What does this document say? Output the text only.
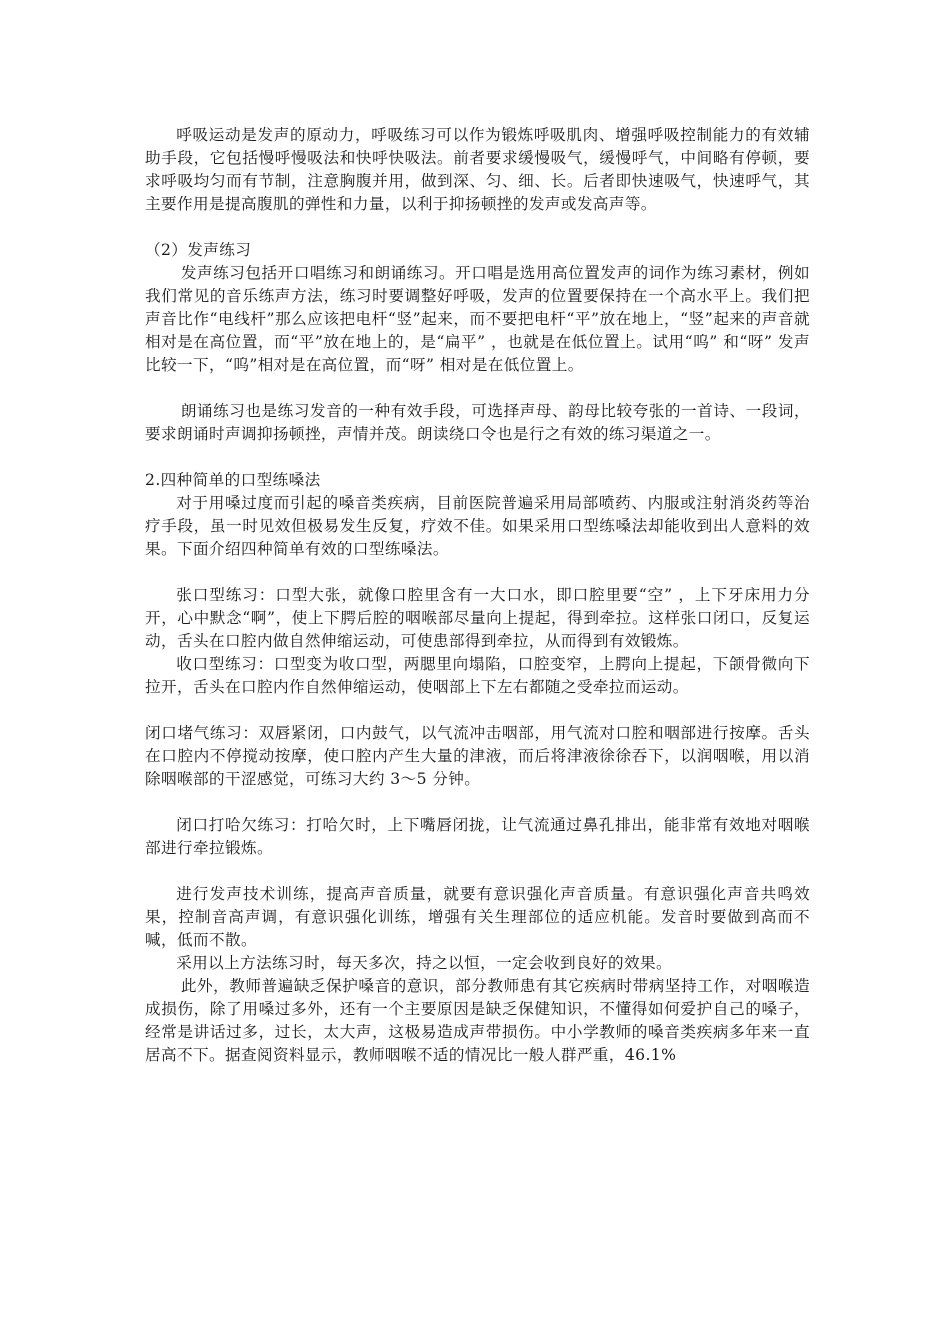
呼吸运动是发声的原动力，呼吸练习可以作为锻炼呼吸肌肉、增强呼吸控制能力的有效辅助手段，它包括慢呼慢吸法和快呼快吸法。前者要求缓慢吸气，缓慢呼气，中间略有停顿，要求呼吸均匀而有节制，注意胸腹并用，做到深、匀、细、长。后者即快速吸气，快速呼气，其主要作用是提高腹肌的弹性和力量，以利于抑扬顿挫的发声或发高声等。

（2）发声练习

发声练习包括开口唱练习和朗诵练习。开口唱是选用高位置发声的词作为练习素材，例如我们常见的音乐练声方法，练习时要调整好呼吸，发声的位置要保持在一个高水平上。我们把声音比作“电线杆”那么应该把电杆“竖”起来，而不要把电杆“平”放在地上，“竖”起来的声音就相对是在高位置，而“平”放在地上的，是“扁平” ，也就是在低位置上。试用“呜” 和“呀” 发声比较一下，“呜”相对是在高位置，而“呀” 相对是在低位置上。

朗诵练习也是练习发音的一种有效手段，可选择声母、韵母比较夸张的一首诗、一段词，要求朗诵时声调抑扬顿挫，声情并茂。朗读绕口令也是行之有效的练习渠道之一。

2.四种简单的口型练嗓法

对于用嗓过度而引起的嗓音类疾病，目前医院普遍采用局部喷药、内服或注射消炎药等治疗手段，虽一时见效但极易发生反复，疗效不佳。如果采用口型练嗓法却能收到出人意料的效果。下面介绍四种简单有效的口型练嗓法。

张口型练习：口型大张，就像口腔里含有一大口水，即口腔里要“空” ，上下牙床用力分开，心中默念“啊”，使上下腭后腔的咽喉部尽量向上提起，得到牵拉。这样张口闭口，反复运动，舌头在口腔内做自然伸缩运动，可使患部得到牵拉，从而得到有效锻炼。

收口型练习：口型变为收口型，两腮里向塌陷，口腔变窄，上腭向上提起，下颌骨微向下拉开，舌头在口腔内作自然伸缩运动，使咽部上下左右都随之受牵拉而运动。

闭口堵气练习：双唇紧闭，口内鼓气，以气流冲击咽部，用气流对口腔和咽部进行按摩。舌头在口腔内不停搅动按摩，使口腔内产生大量的津液，而后将津液徐徐吞下，以润咽喉，用以消除咽喉部的干涩感觉，可练习大约 3～5 分钟。

闭口打哈欠练习：打哈欠时，上下嘴唇闭拢，让气流通过鼻孔排出，能非常有效地对咽喉部进行牵拉锻炼。

进行发声技术训练，提高声音质量，就要有意识强化声音质量。有意识强化声音共鸣效果，控制音高声调，有意识强化训练，增强有关生理部位的适应机能。发音时要做到高而不喊，低而不散。

采用以上方法练习时，每天多次，持之以恒，一定会收到良好的效果。

此外，教师普遍缺乏保护嗓音的意识，部分教师患有其它疾病时带病坚持工作，对咽喉造成损伤，除了用嗓过多外，还有一个主要原因是缺乏保健知识，不懂得如何爱护自己的嗓子，经常是讲话过多，过长，太大声，这极易造成声带损伤。中小学教师的嗓音类疾病多年来一直居高不下。据查阅资料显示，教师咽喉不适的情况比一般人群严重，46.1%
